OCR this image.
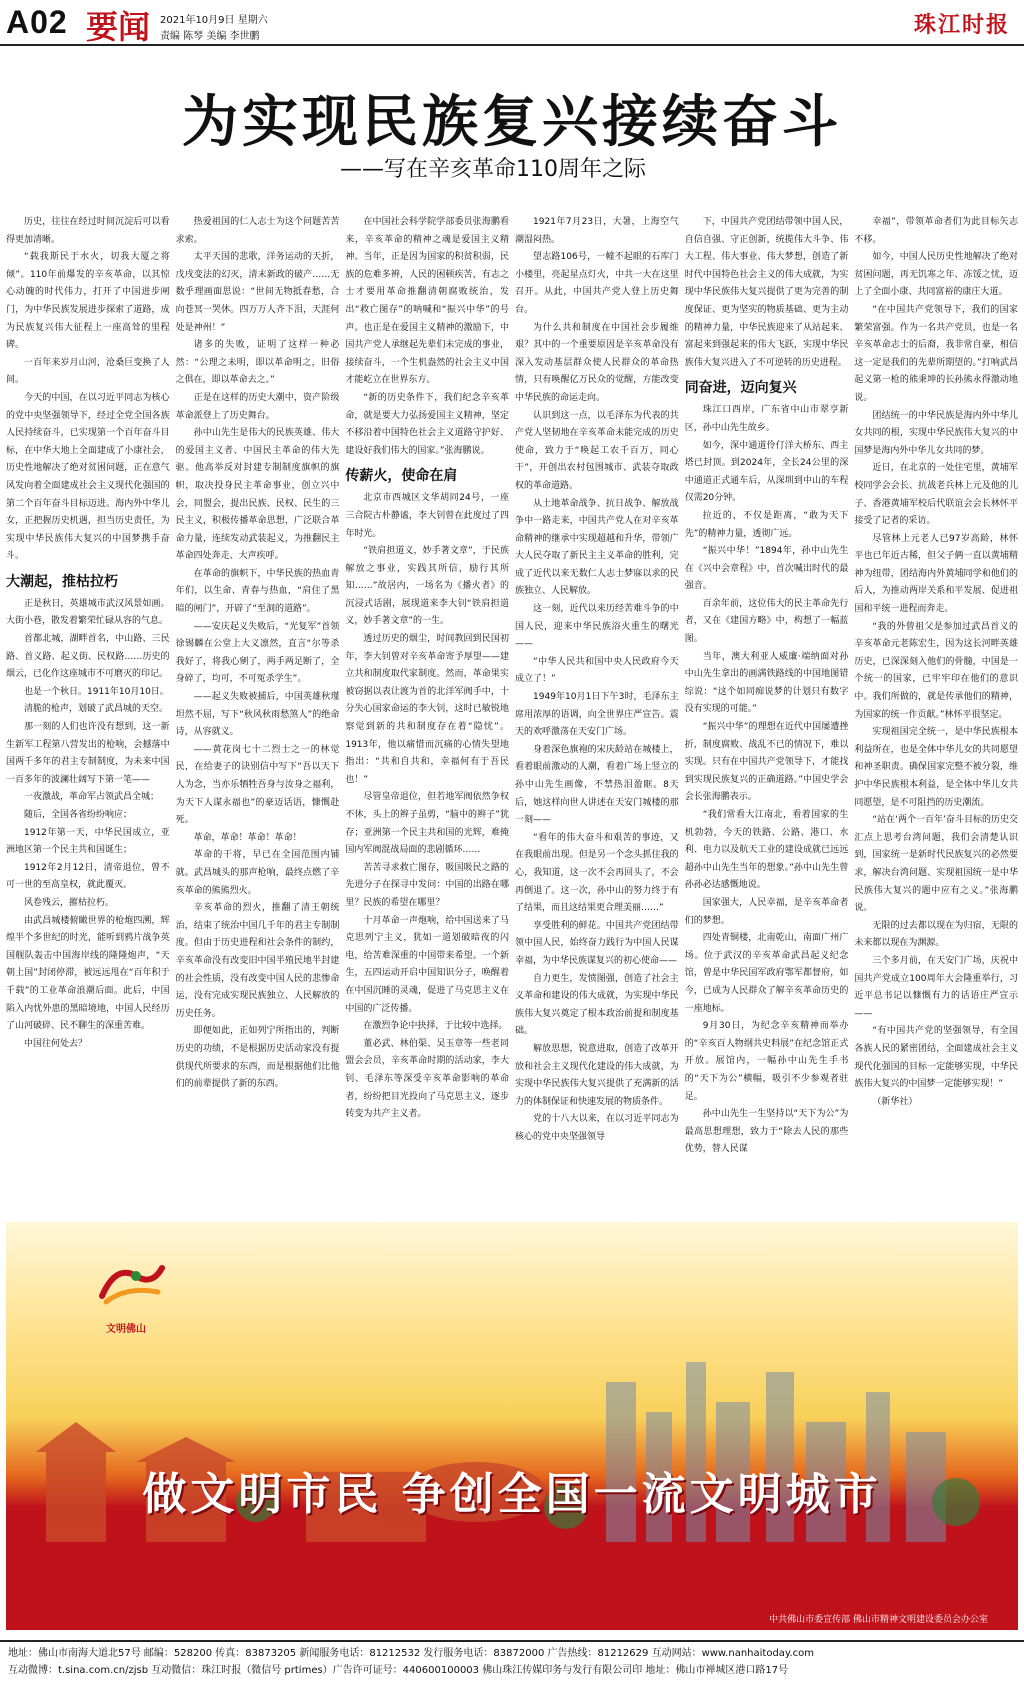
A02 要闻 2021年10月9日 星期六
责编 陈琴 美编 李世鹏	珠江时报
为实现民族复兴接续奋斗
——写在辛亥革命110周年之际

历史，往往在经过时间沉淀后可以看得更加清晰。

“载我斯民于水火，切我大厦之将倾”。110年前爆发的辛亥革命，以其惊心动魄的时代伟力，打开了中国进步闸门，为中华民族发展进步探索了道路，成为民族复兴伟大征程上一座高耸的里程碑。

一百年来岁月山河，沧桑巨变换了人间。

今天的中国，在以习近平同志为核心的党中央坚强领导下，经过全党全国各族人民持续奋斗，已实现第一个百年奋斗目标，在中华大地上全面建成了小康社会，历史性地解决了绝对贫困问题，正在意气风发向着全面建成社会主义现代化强国的第二个百年奋斗目标迈进。海内外中华儿女，正把握历史机遇，担当历史责任，为实现中华民族伟大复兴的中国梦携手奋斗。

大潮起，推枯拉朽

正是秋日，英雄城市武汉风景如画。大街小巷，散发着繁荣忙碌从容的气息。

首都北城，湖畔首名，中山路、三民路、首义路、起义街、民权路……历史的烟云，已化作这座城市不可磨灭的印记。

也是一个秋日。1911年10月10日。

清脆的枪声，划破了武昌城的天空。

那一刻的人们也许没有想到，这一新生新军工程第八营发出的枪响，会撼落中国两千多年的君主专制制度，为未来中国一百多年的波澜壮阔写下第一笔——

一夜激战，革命军占领武昌全城；

随后，全国各省纷纷响应；

1912年第一天，中华民国成立，亚洲地区第一个民主共和国诞生；

1912年2月12日，清帝退位，曾不可一世的至高皇权，就此覆灭。

风卷残云，摧枯拉朽。

由武昌城楼俯瞰世界的枪炮四溯，辉煌半个多世纪的时光，能听到鸦片战争英国舰队轰击中国海岸线的隆隆炮声，“天朝上国”封闭停滞，被远远甩在“百年积于千载”的工业革命浪潮后面。此后，中国陷入内忧外患的黑暗境地，中国人民经历了山河破碎、民不聊生的深重苦难。

中国往何处去？

热爱祖国的仁人志士为这个问题苦苦求索。

太平天国的悲歌，洋务运动的天折，戊戌变法的幻灭，清末新政的破产……无数乎理画面思说：“世间无物抵春愁，合向苍冥一哭休。四万万人齐下泪，天涯何处是神州！”

诸多的失败，证明了这样一种必然：“公理之未明，即以革命明之，旧俗之俱在，即以革命去之。”

正是在这样的历史大潮中，资产阶级革命派登上了历史舞台。

孙中山先生是伟大的民族英雄、伟大的爱国主义者、中国民主革命的伟大先驱。他高举反对封建专制制度旗帜的旗帜，取决投身民主革命事业，创立兴中会，同盟会，提出民族、民权、民生的三民主义，积极传播革命思想，广泛联合革命力量，连续发动武装起义，为推翻民主革命四处奔走、大声疾呼。

在革命的旗帜下，中华民族的热血青年们，以生命、青春与热血，“肩住了黑暗的闸门”，开辟了“至洞的道路”。

——安庆起义失败后，“光复军”首领徐锡麟在公堂上大义凛然，直言“尔等杀我好了，将我心剜了，两手两足断了，全身碎了，均可，不可冤杀学生”。

——起义失败被捕后，中国英雄秋瑾坦然不屈，写下“秋风秋雨愁煞人”的绝命诗，从容就义。

——黄花岗七十二烈士之一的林觉民，在给妻子的诀别信中写下“吾以天下人为念，当亦乐牺牲吾身与汝身之福利，为天下人谋永福也”的豪迈话语，慷慨赴死。

革命，革命！革命！革命！

革命的干将，早已在全国范围内铺就。武昌城头的那声枪响，最终点燃了辛亥革命的熊熊烈火。

辛亥革命的烈火，推翻了清王朝统治，结束了统治中国几千年的君主专制制度。但由于历史进程和社会条件的制约，辛亥革命没有改变旧中国半殖民地半封建的社会性质，没有改变中国人民的悲惨命运，没有完成实现民族独立、人民解放的历史任务。

即便如此，正如列宁所指出的，判断历史的功绩，不是根据历史活动家没有提供现代所要求的东西，而是根据他们比他们的前辈提供了新的东西。

在中国社会科学院学部委员张海鹏看来，辛亥革命的精神之魂是爱国主义精神。当年，正是因为国家的积贫积弱，民族的危难多辨，人民的困顿疾苦，有志之士才要用革命推翻清朝腐败统治，发出“救亡图存”的呐喊和“振兴中华”的号声。也正是在爱国主义精神的激励下，中国共产党人承继起先辈们未完成的事业，接续奋斗，一个生机盎然的社会主义中国才能屹立在世界东方。

“新的历史条件下，我们纪念辛亥革命，就是要大力弘扬爱国主义精神，坚定不移沿着中国特色社会主义道路守护好、建设好我们伟大的国家。”张海鹏说。

传薪火，使命在肩

北京市西城区文华胡同24号，一座三合院古朴静谧，李大钊曾在此度过了四年时光。

“铁肩担道义，妙手著文章”，于民族解放之事业，实践其所信，励行其所知……”故居内，一场名为《播火者》的沉浸式话剧，展现道来李大钊“铁肩担道义，妙手著文章”的一生。

透过历史的烟尘，时间教回到民国初年，李大钊曾对辛亥革命寄予厚望——建立共和制度取代家制度。然而，革命果实被窃据以表让渡为首的北洋军阀手中，十分失心国家命运的李大钊，这时已敏锐地察觉到新的共和制度存在着“隐忧”。1913年，他以痛惜而沉痛的心情失望地指出：“共和自共和，幸福何有于吾民也！”

尽管皇帝退位，但若地军阀依然争权不休，头上的辫子虽剪，“脑中的辫子”犹存；亚洲第一个民主共和国的光辉，难掩国内军阀混战局面的悲剧循环……

苦苦寻求救亡图存，吸国吸民之路的先进分子在探寻中发问：中国的出路在哪里？民族的希望在哪里？

十月革命一声炮响，给中国送来了马克思列宁主义，犹如一道划破暗夜的闪电，给苦难深重的中国带来希望。一个新生，五四运动开启中国知识分子，唤醒着在中国沉睡的灵魂，促进了马克思主义在中国的广泛传播。

在激烈争论中抉择，于比较中选择。

董必武、林伯渠、吴玉章等一些老同盟会会员，辛亥革命时期的活动家，李大钊、毛泽东等深受辛亥革命影响的革命者，纷纷把目光投向了马克思主义，逐步转变为共产主义者。

1921年7月23日，大暑，上海空气潮湿闷热。

望志路106号，一幢不起眼的石库门小楼里，亮起星点灯火，中共一大在这里召开。从此，中国共产党人登上历史舞台。

为什么共和制度在中国社会步履维艰？其中的一个重要原因是辛亥革命没有深入发动基层群众使人民群众的革命热情，只有唤醒亿万民众的觉醒，方能改变中华民族的命运走向。

认识到这一点，以毛泽东为代表的共产党人坚韧地在辛亥革命未能完成的历史使命，致力于“唤起工农千百万，同心干”，开创出农村包围城市、武装夺取政权的革命道路。

从土地革命战争、抗日战争、解放战争中一路走来，中国共产党人在对辛亥革命精神的继承中实现超越和升华，带领广大人民夺取了新民主主义革命的胜利，完成了近代以来无数仁人志士梦寐以求的民族独立、人民解放。

这一刻，近代以来历经苦难斗争的中国人民，迎来中华民族浴火重生的曙光——

“中华人民共和国中央人民政府今天成立了！”

1949年10月1日下午3时，毛泽东主席用浓厚的语调，向全世界庄严宣告。震天的欢呼激荡在天安门广场。

身着深色旗袍的宋庆龄站在城楼上，看着眼前激动的人潮，看着广场上竖立的孙中山先生画像，不禁热泪盈眶。8天后，她这样向世人讲述在天安门城楼的那一刻——

“看年的伟大奋斗和艰苦的事迹，又在我眼前出现。但是另一个念头抓住我的心，我知道，这一次不会再回头了，不会再倒退了。这一次，孙中山的努力终于有了结果，而且这结果更合理美丽……”

享受胜利的鲜花。中国共产党团结带领中国人民，始终奋力践行为中国人民谋幸福，为中华民族谋复兴的初心使命——

自力更生，发愤图强，创造了社会主义革命和建设的伟大成就，为实现中华民族伟大复兴奠定了根本政治前提和制度基础。

解放思想，锐意进取，创造了改革开放和社会主义现代化建设的伟大成就，为实现中华民族伟大复兴提供了充满新的活力的体制保证和快速发展的物质条件。

党的十八大以来，在以习近平同志为核心的党中央坚强领导

下，中国共产党团结带领中国人民，自信自强、守正创新，统揽伟大斗争、伟大工程、伟大事业、伟大梦想，创造了新时代中国特色社会主义的伟大成就，为实现中华民族伟大复兴提供了更为完善的制度保证、更为坚实的物质基础、更为主动的精神力量，中华民族迎来了从站起来、富起来到强起来的伟大飞跃，实现中华民族伟大复兴进入了不可逆转的历史进程。

同奋进，迈向复兴

珠江口西岸，广东省中山市翠亨新区，孙中山先生故乡。

如今，深中通道伶仃洋大桥东、西主塔已封顶。到2024年，全长24公里的深中通道正式通车后，从深圳到中山的车程仅需20分钟。

拉近的，不仅是距离，“敢为天下先”的精神力量，透彻广远。

“振兴中华！”1894年，孙中山先生在《兴中会章程》中，首次喊出时代的最强音。

百余年前，这位伟大的民主革命先行者，又在《建国方略》中，构想了一幅蓝图。

当年，澳大利亚人威廉·端纳面对孙中山先生拿出的画满铁路线的中国地图错综说：“这个如同痴说梦的计划只有数字没有实现的可能。”

“振兴中华”的理想在近代中国屡遭挫折，制度腐败、战乱不已的情况下，难以实现。只有在中国共产党领导下，才能找到实现民族复兴的正确道路。”中国史学会会长张海鹏表示。

“我们常看大江南北，看着国家的生机勃勃，今天的铁路、公路、港口、水利、电力以及航天工业的建设成就已远远超孙中山先生当年的想象。”孙中山先生曾孙孙必达感慨地说。

国家强大，人民幸福，是辛亥革命者们的梦想。

四处青铜楼，北南乾山，南面广州广场。位于武汉的辛亥革命武昌起义纪念馆，曾是中华民国军政府鄂军都督府，如今，已成为人民群众了解辛亥革命历史的一座地标。

9月30日，为纪念辛亥精神而举办的“辛亥百人物纲共史料展”在纪念馆正式开放。展馆内，一幅孙中山先生手书的“天下为公”横幅，吸引不少参观者驻足。

孙中山先生一生坚持以“天下为公”为最高思想理想，致力于“除去人民的那些优势，替人民谋

幸福”，带领革命者们为此目标矢志不移。

如今，中国人民历史性地解决了绝对贫困问题，再无饥寒之年、冻馁之忧，迈上了全面小康、共同富裕的康庄大道。

“在中国共产党领导下，我们的国家繁荣富强。作为一名共产党员，也是一名辛亥革命志士的后裔，我非常自豪，相信这一定是我们的先辈所期望的。”打响武昌起义第一枪的熊秉坤的长孙熊永得激动地说。

团结统一的中华民族是海内外中华儿女共同的根，实现中华民族伟大复兴的中国梦是海内外中华儿女共同的梦。

近日，在北京的一处住宅里，黄埔军校同学会会长、抗战老兵林上元及他的儿子、香港黄埔军校后代联谊会会长林怀平接受了记者的采访。

尽管林上元老人已97岁高龄，林怀平也已年近古稀，但父子俩一直以黄埔精神为纽带，团结海内外黄埔同学和他们的后人，为推动两岸关系和平发展、促进祖国和平统一进程而奔走。

“我的外曾祖父是参加过武昌首义的辛亥革命元老陈宏生，因为这长河畔英雄历史，已深深刻入他们的骨髓，中国是一个统一的国家，已牢牢印在他们的意识中。我们所做的，就是传承他们的精神，为国家的统一作贡献。”林怀平很坚定。

实现祖国完全统一，是中华民族根本利益所在，也是全体中华儿女的共同愿望和神圣职责。确保国家完整不被分裂，维护中华民族根本利益，是全体中华儿女共同愿望，是不可阻挡的历史潮流。

“站在‘两个一百年’奋斗目标的历史交汇点上思考台湾问题，我们会清楚认识到，国家统一是新时代民族复兴的必然要求，解决台湾问题、实现祖国统一是中华民族伟大复兴的题中应有之义。”张海鹏说。

无限的过去都以现在为归宿，无限的未来都以现在为渊源。

三个多月前，在天安门广场，庆祝中国共产党成立100周年大会隆重举行，习近平总书记以慷慨有力的话语庄严宣示——

“有中国共产党的坚强领导，有全国各族人民的紧密团结，全面建成社会主义现代化强国的目标一定能够实现，中华民族伟大复兴的中国梦一定能够实现！”

（新华社）

文明佛山
做文明市民 争创全国一流文明城市
中共佛山市委宣传部 佛山市精神文明建设委员会办公室
地址：佛山市南海大道北57号 邮编：528200 传真：83873205 新闻服务电话：81212532 发行服务电话：83872000 广告热线：81212629 互动网站：www.nanhaitoday.com
互动微博：t.sina.com.cn/zjsb 互动微信：珠江时报（微信号 prtimes）广告许可证号：440600100003 佛山珠江传媒印务与发行有限公司印 地址：佛山市禅城区港口路17号
